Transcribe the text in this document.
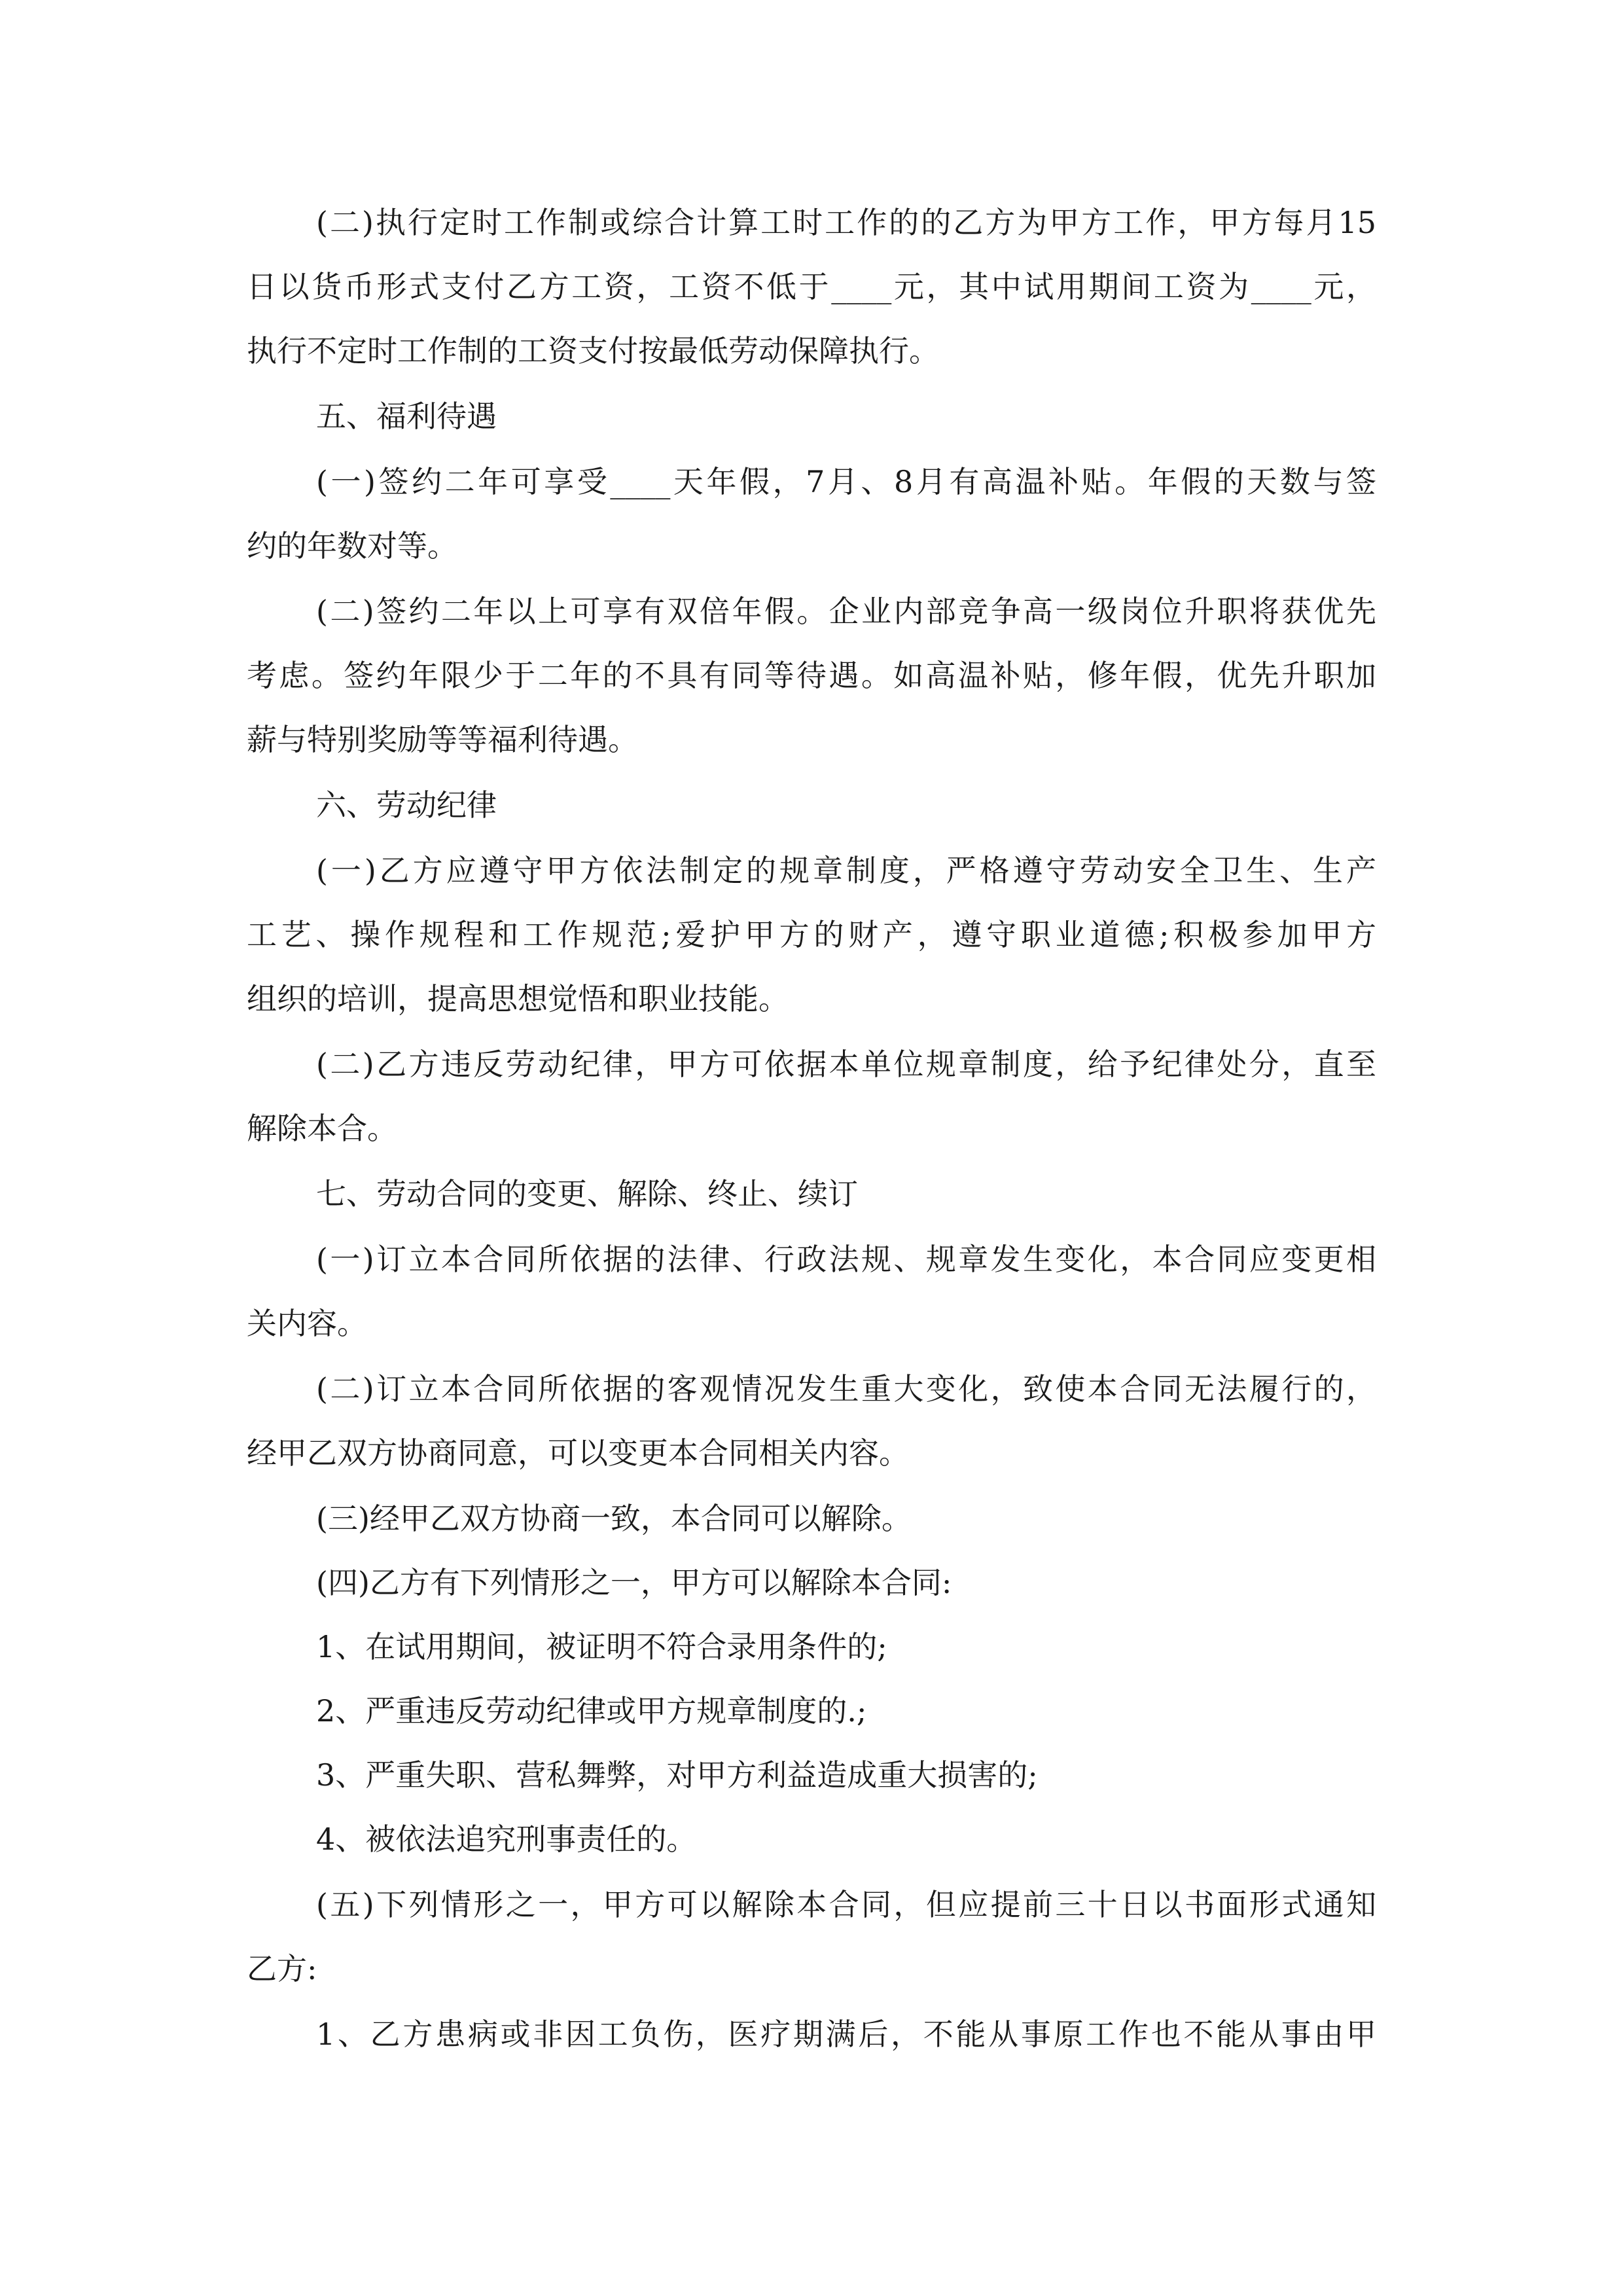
(二)执行定时工作制或综合计算工时工作的的乙方为甲方工作，甲方每月15
日以货币形式支付乙方工资，工资不低于____元，其中试用期间工资为____元，
执行不定时工作制的工资支付按最低劳动保障执行。
五、福利待遇
(一)签约二年可享受____天年假，7月、8月有高温补贴。年假的天数与签
约的年数对等。
(二)签约二年以上可享有双倍年假。企业内部竞争高一级岗位升职将获优先
考虑。签约年限少于二年的不具有同等待遇。如高温补贴，修年假，优先升职加
薪与特别奖励等等福利待遇。
六、劳动纪律
(一)乙方应遵守甲方依法制定的规章制度，严格遵守劳动安全卫生、生产
工艺、操作规程和工作规范;爱护甲方的财产，遵守职业道德;积极参加甲方
组织的培训，提高思想觉悟和职业技能。
(二)乙方违反劳动纪律，甲方可依据本单位规章制度，给予纪律处分，直至
解除本合。
七、劳动合同的变更、解除、终止、续订
(一)订立本合同所依据的法律、行政法规、规章发生变化，本合同应变更相
关内容。
(二)订立本合同所依据的客观情况发生重大变化，致使本合同无法履行的，
经甲乙双方协商同意，可以变更本合同相关内容。
(三)经甲乙双方协商一致，本合同可以解除。
(四)乙方有下列情形之一，甲方可以解除本合同:
1、在试用期间，被证明不符合录用条件的;
2、严重违反劳动纪律或甲方规章制度的.;
3、严重失职、营私舞弊，对甲方利益造成重大损害的;
4、被依法追究刑事责任的。
(五)下列情形之一，甲方可以解除本合同，但应提前三十日以书面形式通知
乙方:
1、乙方患病或非因工负伤，医疗期满后，不能从事原工作也不能从事由甲
